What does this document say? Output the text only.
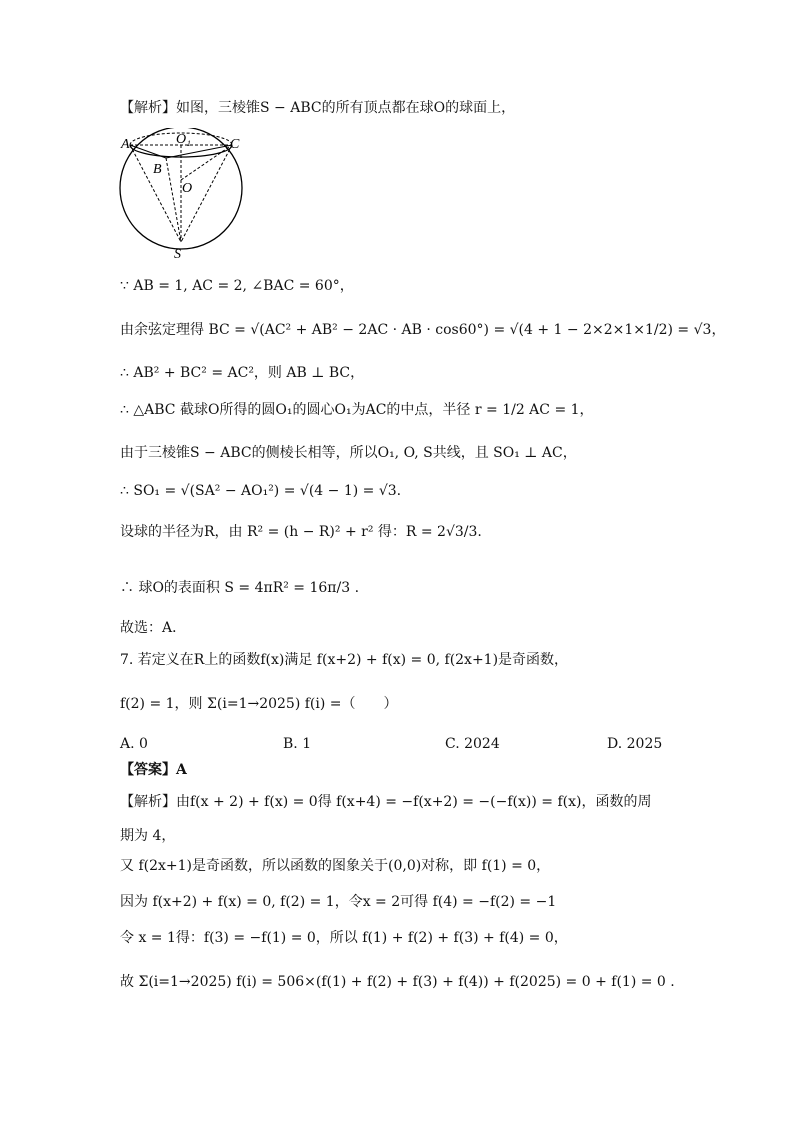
【解析】如图，三棱锥S − ABC的所有顶点都在球O的球面上，
A	C
O₁
B
O
S
∵ AB = 1, AC = 2, ∠BAC = 60°，
由余弦定理得 BC = √(AC² + AB² − 2AC · AB · cos60°) = √(4 + 1 − 2×2×1×1/2) = √3，
∴ AB² + BC² = AC²，则 AB ⊥ BC，
∴ △ABC 截球O所得的圆O₁的圆心O₁为AC的中点，半径 r = 1/2 AC = 1，
由于三棱锥S − ABC的侧棱长相等，所以O₁, O, S共线，且 SO₁ ⊥ AC，
∴ SO₁ = √(SA² − AO₁²) = √(4 − 1) = √3.
设球的半径为R，由 R² = (h − R)² + r² 得：R = 2√3/3.
∴ 球O的表面积 S = 4πR² = 16π/3 .
故选：A．
7. 若定义在R上的函数f(x)满足 f(x+2) + f(x) = 0, f(2x+1)是奇函数，
f(2) = 1，则 Σ(i=1→2025) f(i) =（　　）
A. 0	B. 1	C. 2024	D. 2025
【答案】A
【解析】由f(x + 2) + f(x) = 0得 f(x+4) = −f(x+2) = −(−f(x)) = f(x)，函数的周
期为 4，
又 f(2x+1)是奇函数，所以函数的图象关于(0,0)对称，即 f(1) = 0，
因为 f(x+2) + f(x) = 0, f(2) = 1，令x = 2可得 f(4) = −f(2) = −1
令 x = 1得：f(3) = −f(1) = 0，所以 f(1) + f(2) + f(3) + f(4) = 0，
故 Σ(i=1→2025) f(i) = 506×(f(1) + f(2) + f(3) + f(4)) + f(2025) = 0 + f(1) = 0 .
